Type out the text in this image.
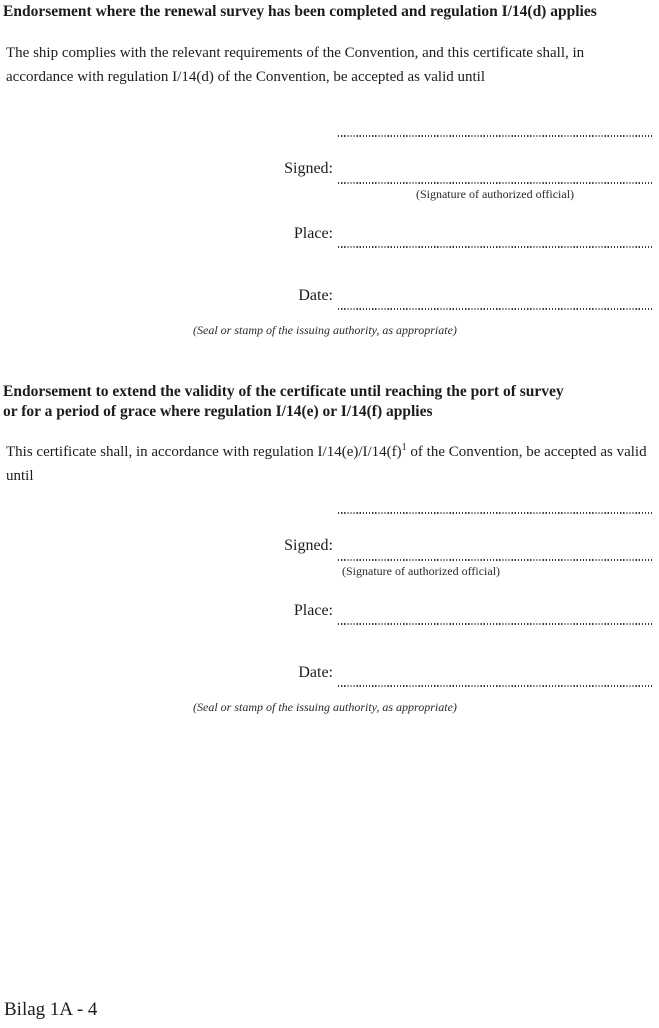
Endorsement where the renewal survey has been completed and regulation I/14(d) applies
The ship complies with the relevant requirements of the Convention, and this certificate shall, in accordance with regulation I/14(d) of the Convention, be accepted as valid until
Signed:
(Signature of authorized official)
Place:
Date:
(Seal or stamp of the issuing authority, as appropriate)
Endorsement to extend the validity of the certificate until reaching the port of survey
or for a period of grace where regulation I/14(e) or I/14(f) applies
This certificate shall, in accordance with regulation I/14(e)/I/14(f)$^1$ of the Convention, be accepted as valid until
Signed:
(Signature of authorized official)
Place:
Date:
(Seal or stamp of the issuing authority, as appropriate)
Bilag 1A - 4
